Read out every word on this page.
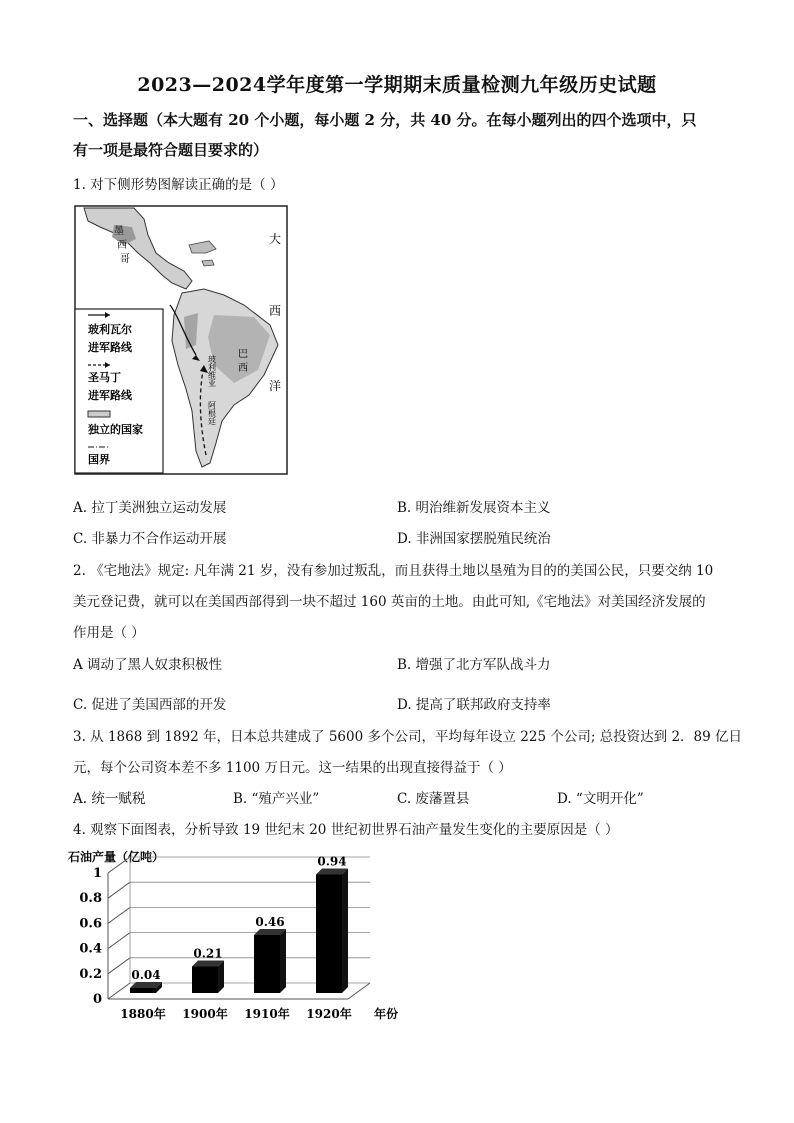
2023—2024学年度第一学期期末质量检测九年级历史试题
一、选择题（本大题有 20 个小题，每小题 2 分，共 40 分。在每小题列出的四个选项中，只
有一项是最符合题目要求的）
1. 对下侧形势图解读正确的是（ ）
墨
西
哥
大
西
洋
巴
西
玻利维亚
阿根廷
玻利瓦尔
进军路线
圣马丁
进军路线
独立的国家
国界
A. 拉丁美洲独立运动发展	B. 明治维新发展资本主义
C. 非暴力不合作运动开展	D. 非洲国家摆脱殖民统治
2. 《宅地法》规定: 凡年满 21 岁，没有参加过叛乱，而且获得土地以垦殖为目的的美国公民，只要交纳 10
美元登记费，就可以在美国西部得到一块不超过 160 英亩的土地。由此可知,《宅地法》对美国经济发展的
作用是（ ）
A 调动了黑人奴隶积极性	B. 增强了北方军队战斗力
C. 促进了美国西部的开发	D. 提高了联邦政府支持率
3. 从 1868 到 1892 年，日本总共建成了 5600 多个公司，平均每年设立 225 个公司; 总投资达到 2．89 亿日
元，每个公司资本差不多 1100 万日元。这一结果的出现直接得益于（ ）
A. 统一赋税	B. “殖产兴业”	C. 废藩置县	D. “文明开化”
4. 观察下面图表，分析导致 19 世纪末 20 世纪初世界石油产量发生变化的主要原因是（ ）
石油产量（亿吨）
0
0.2
0.4
0.6
0.8
1
0.04
0.21
0.46
0.94
1880年 1900年 1910年 1920年 年份
